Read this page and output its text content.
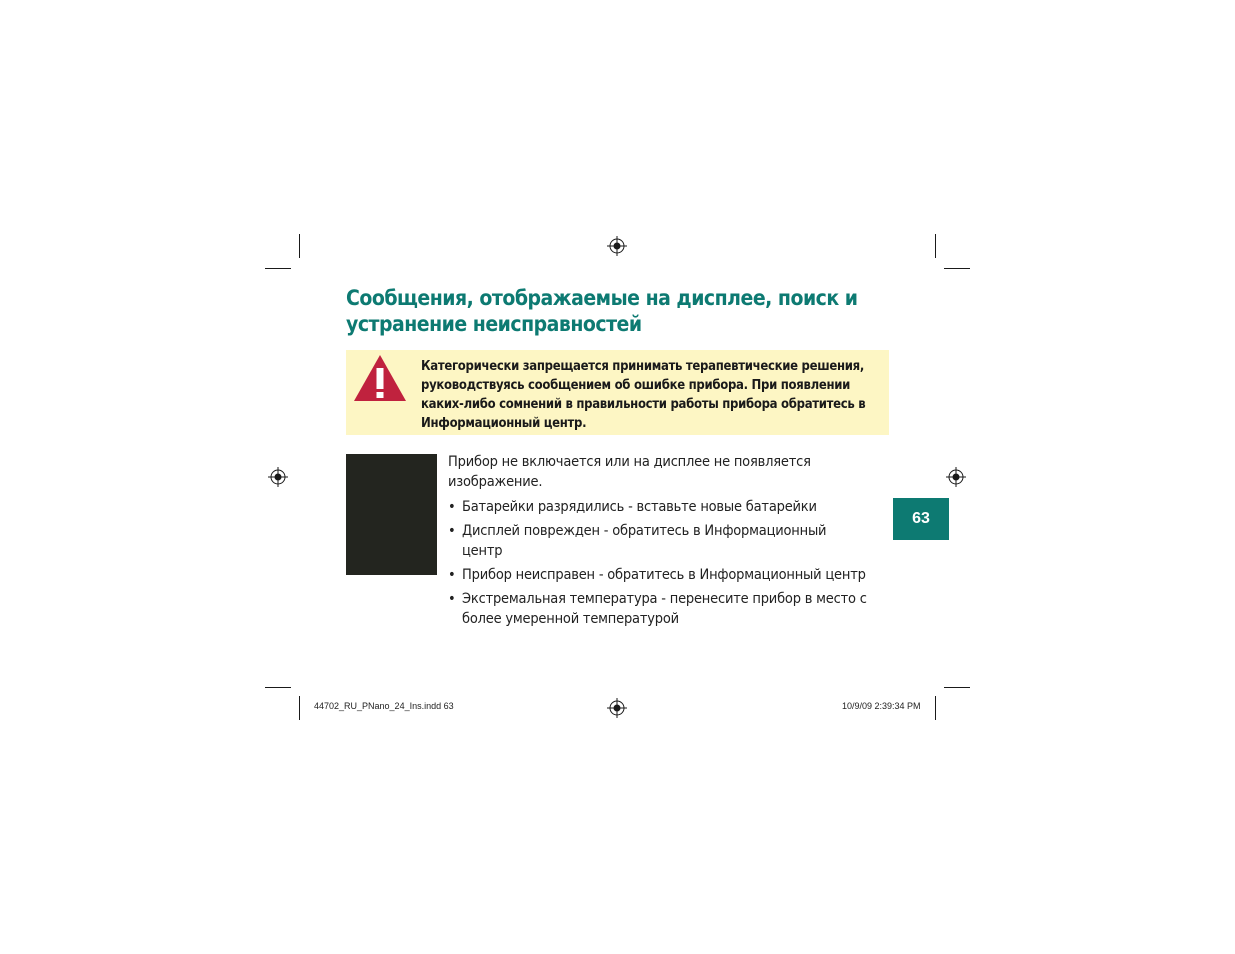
Сообщения, отображаемые на дисплее, поиск и устранение неисправностей
Категорически запрещается принимать терапевтические решения, руководствуясь сообщением об ошибке прибора. При появлении каких-либо сомнений в правильности работы прибора обратитесь в Информационный центр.
Прибор не включается или на дисплее не появляется изображение.
• Батарейки разрядились - вставьте новые батарейки
• Дисплей поврежден - обратитесь в Информационный центр
• Прибор неисправен - обратитесь в Информационный центр
• Экстремальная температура - перенесите прибор в место с более умеренной температурой
63
44702_RU_PNano_24_Ins.indd 63	10/9/09 2:39:34 PM
